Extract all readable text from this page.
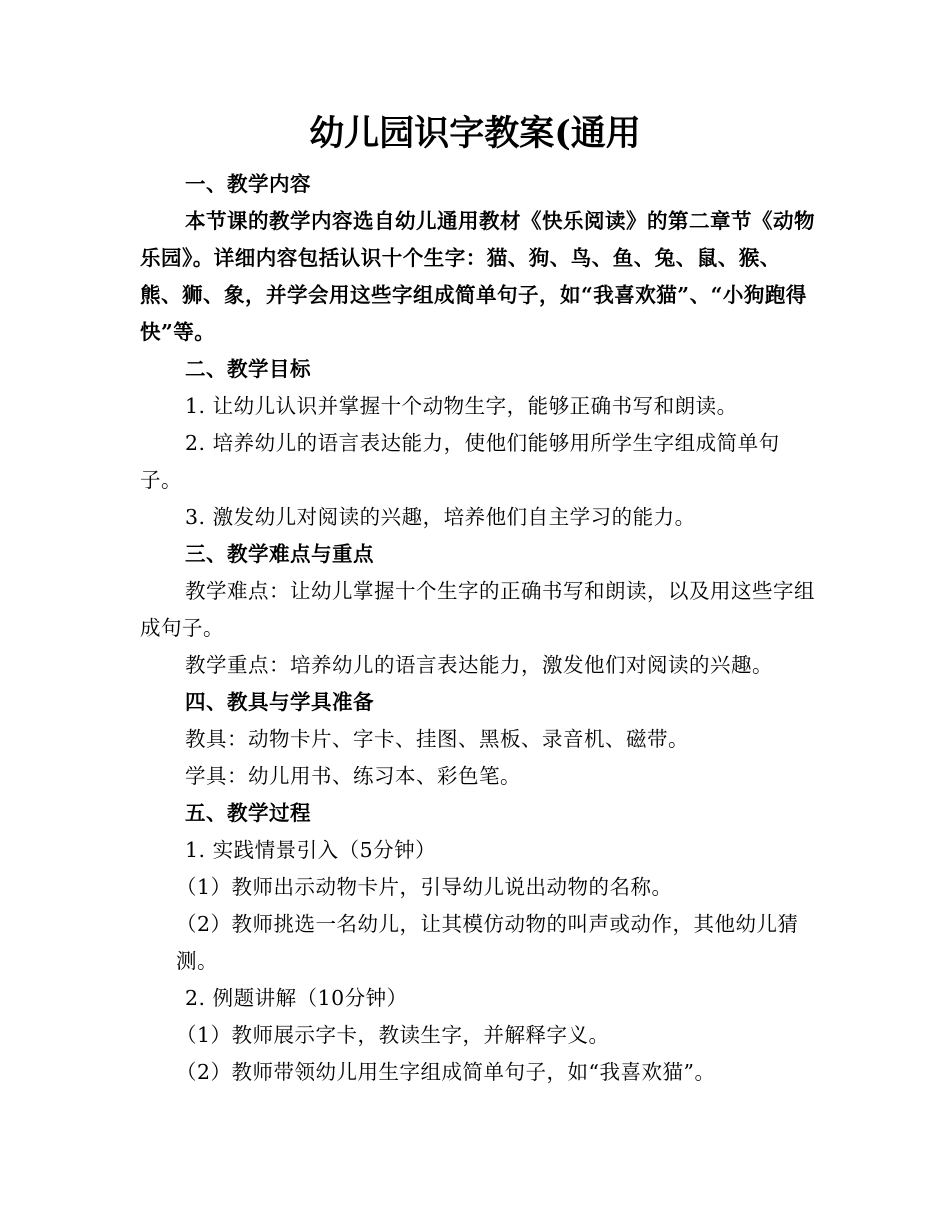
幼儿园识字教案(通用

一、教学内容

本节课的教学内容选自幼儿通用教材《快乐阅读》的第二章节《动物乐园》。详细内容包括认识十个生字：猫、狗、鸟、鱼、兔、鼠、猴、熊、狮、象，并学会用这些字组成简单句子，如“我喜欢猫”、“小狗跑得快”等。

二、教学目标

1. 让幼儿认识并掌握十个动物生字，能够正确书写和朗读。

2. 培养幼儿的语言表达能力，使他们能够用所学生字组成简单句子。

3. 激发幼儿对阅读的兴趣，培养他们自主学习的能力。

三、教学难点与重点

教学难点：让幼儿掌握十个生字的正确书写和朗读，以及用这些字组成句子。

教学重点：培养幼儿的语言表达能力，激发他们对阅读的兴趣。

四、教具与学具准备

教具：动物卡片、字卡、挂图、黑板、录音机、磁带。

学具：幼儿用书、练习本、彩色笔。

五、教学过程

1. 实践情景引入（5分钟）

（1）教师出示动物卡片，引导幼儿说出动物的名称。

（2）教师挑选一名幼儿，让其模仿动物的叫声或动作，其他幼儿猜测。

2. 例题讲解（10分钟）

（1）教师展示字卡，教读生字，并解释字义。

（2）教师带领幼儿用生字组成简单句子，如“我喜欢猫”。
